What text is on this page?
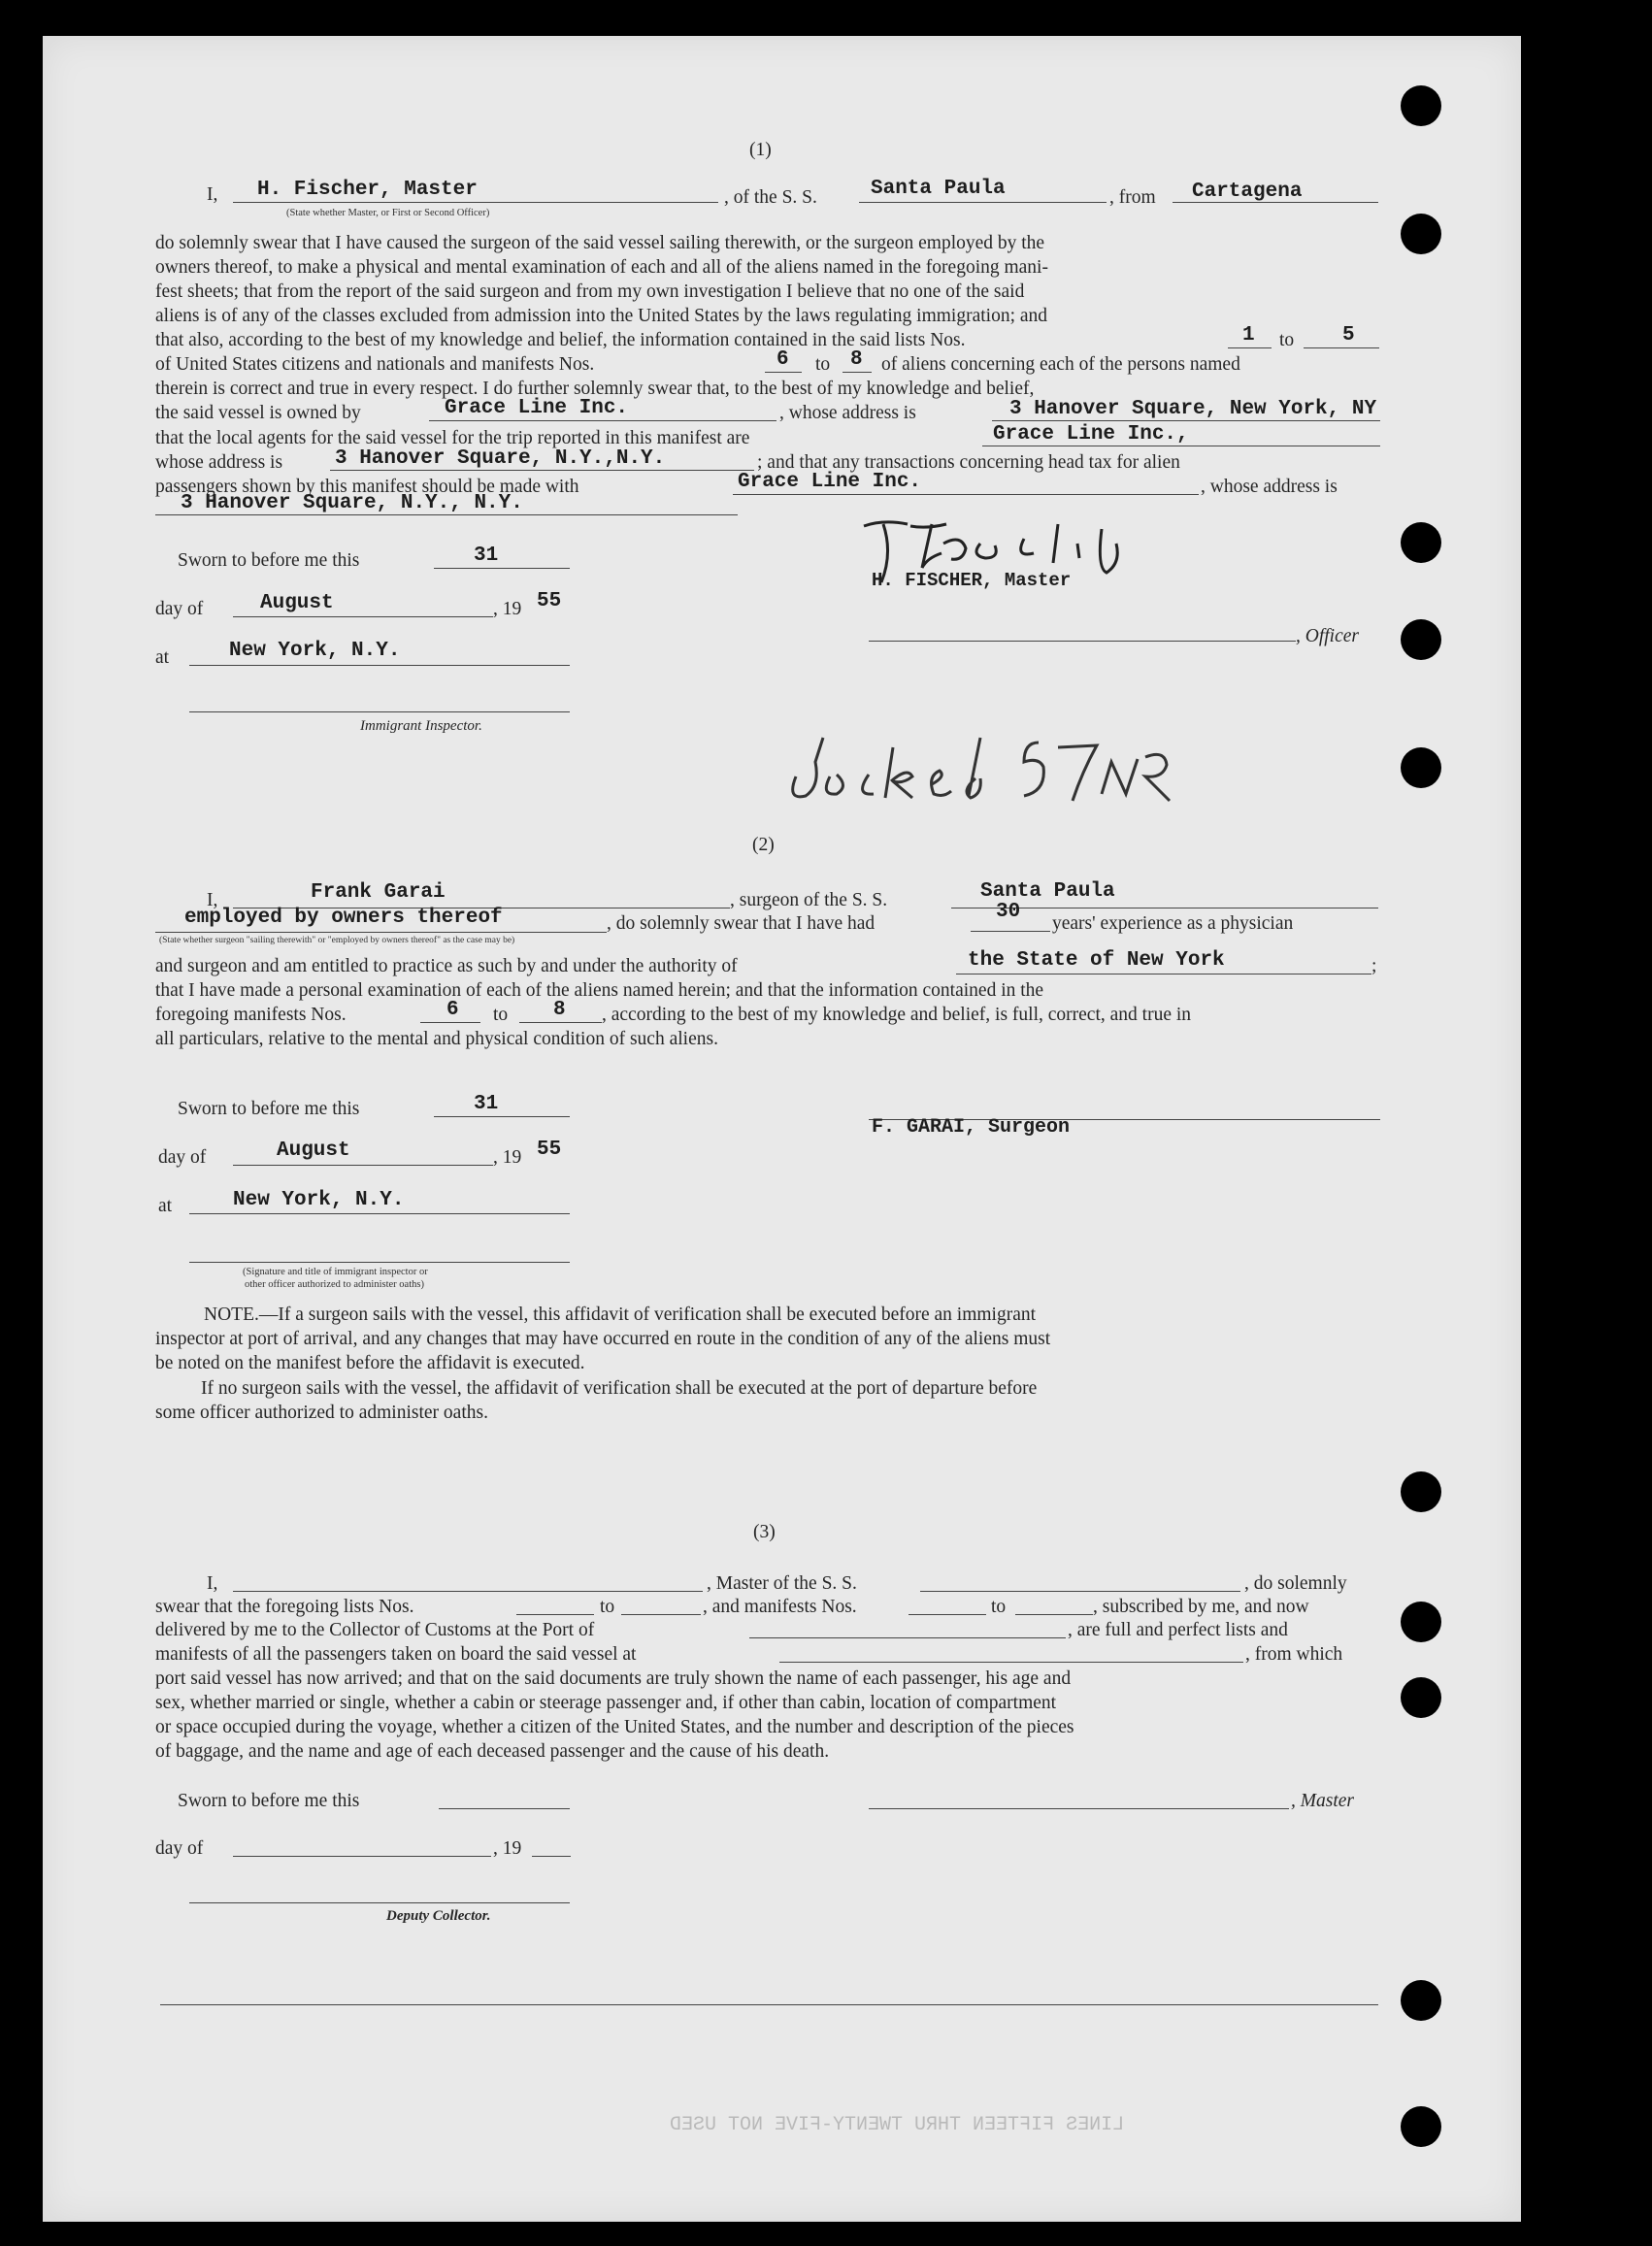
LINES FIFTEEN THRU TWENTY-FIVE NOT USED
(1)
I, H. Fischer, Master
(State whether Master, or First or Second Officer)
, of the S. S.	Santa Paula	, from Cartagena
do solemnly swear that I have caused the surgeon of the said vessel sailing therewith, or the surgeon employed by the
owners thereof, to make a physical and mental examination of each and all of the aliens named in the foregoing mani-
fest sheets; that from the report of the said surgeon and from my own investigation I believe that no one of the said
aliens is of any of the classes excluded from admission into the United States by the laws regulating immigration; and
that also, according to the best of my knowledge and belief, the information contained in the said lists Nos.	1 to 5
of United States citizens and nationals and manifests Nos.	6 to 8 of aliens concerning each of the persons named
therein is correct and true in every respect. I do further solemnly swear that, to the best of my knowledge and belief,
the said vessel is owned by	Grace Line Inc.	, whose address is	3 Hanover Square, New York, NY
that the local agents for the said vessel for the trip reported in this manifest are	Grace Line Inc.,
whose address is	3 Hanover Square, N.Y.,N.Y.	; and that any transactions concerning head tax for alien
passengers shown by this manifest should be made with	Grace Line Inc.	, whose address is
3 Hanover Square, N.Y., N.Y.
Sworn to before me this	31
day of	August	, 19 55
at	New York, N.Y.
Immigrant Inspector.
H. FISCHER, Master
, Officer
(2)
I,	Frank Garai	, surgeon of the S. S.	Santa Paula
employed by owners thereof	, do solemnly swear that I have had
30
years' experience as a physician
(State whether surgeon "sailing therewith" or "employed by owners thereof" as the case may be)
and surgeon and am entitled to practice as such by and under the authority of	the State of New York	;
that I have made a personal examination of each of the aliens named herein; and that the information contained in the
foregoing manifests Nos.	6 to 8 , according to the best of my knowledge and belief, is full, correct, and true in
all particulars, relative to the mental and physical condition of such aliens.
Sworn to before me this	31
day of	August	, 19 55
at	New York, N.Y.
(Signature and title of immigrant inspector or
other officer authorized to administer oaths)
F. GARAI, Surgeon
NOTE.—If a surgeon sails with the vessel, this affidavit of verification shall be executed before an immigrant
inspector at port of arrival, and any changes that may have occurred en route in the condition of any of the aliens must
be noted on the manifest before the affidavit is executed.
If no surgeon sails with the vessel, the affidavit of verification shall be executed at the port of departure before
some officer authorized to administer oaths.
(3)
I,	, Master of the S. S.	, do solemnly
swear that the foregoing lists Nos.	to	, and manifests Nos.	to	, subscribed by me, and now
delivered by me to the Collector of Customs at the Port of	, are full and perfect lists and
manifests of all the passengers taken on board the said vessel at	, from which
port said vessel has now arrived; and that on the said documents are truly shown the name of each passenger, his age and
sex, whether married or single, whether a cabin or steerage passenger and, if other than cabin, location of compartment
or space occupied during the voyage, whether a citizen of the United States, and the number and description of the pieces
of baggage, and the name and age of each deceased passenger and the cause of his death.
Sworn to before me this	, Master
day of	, 19
Deputy Collector.
